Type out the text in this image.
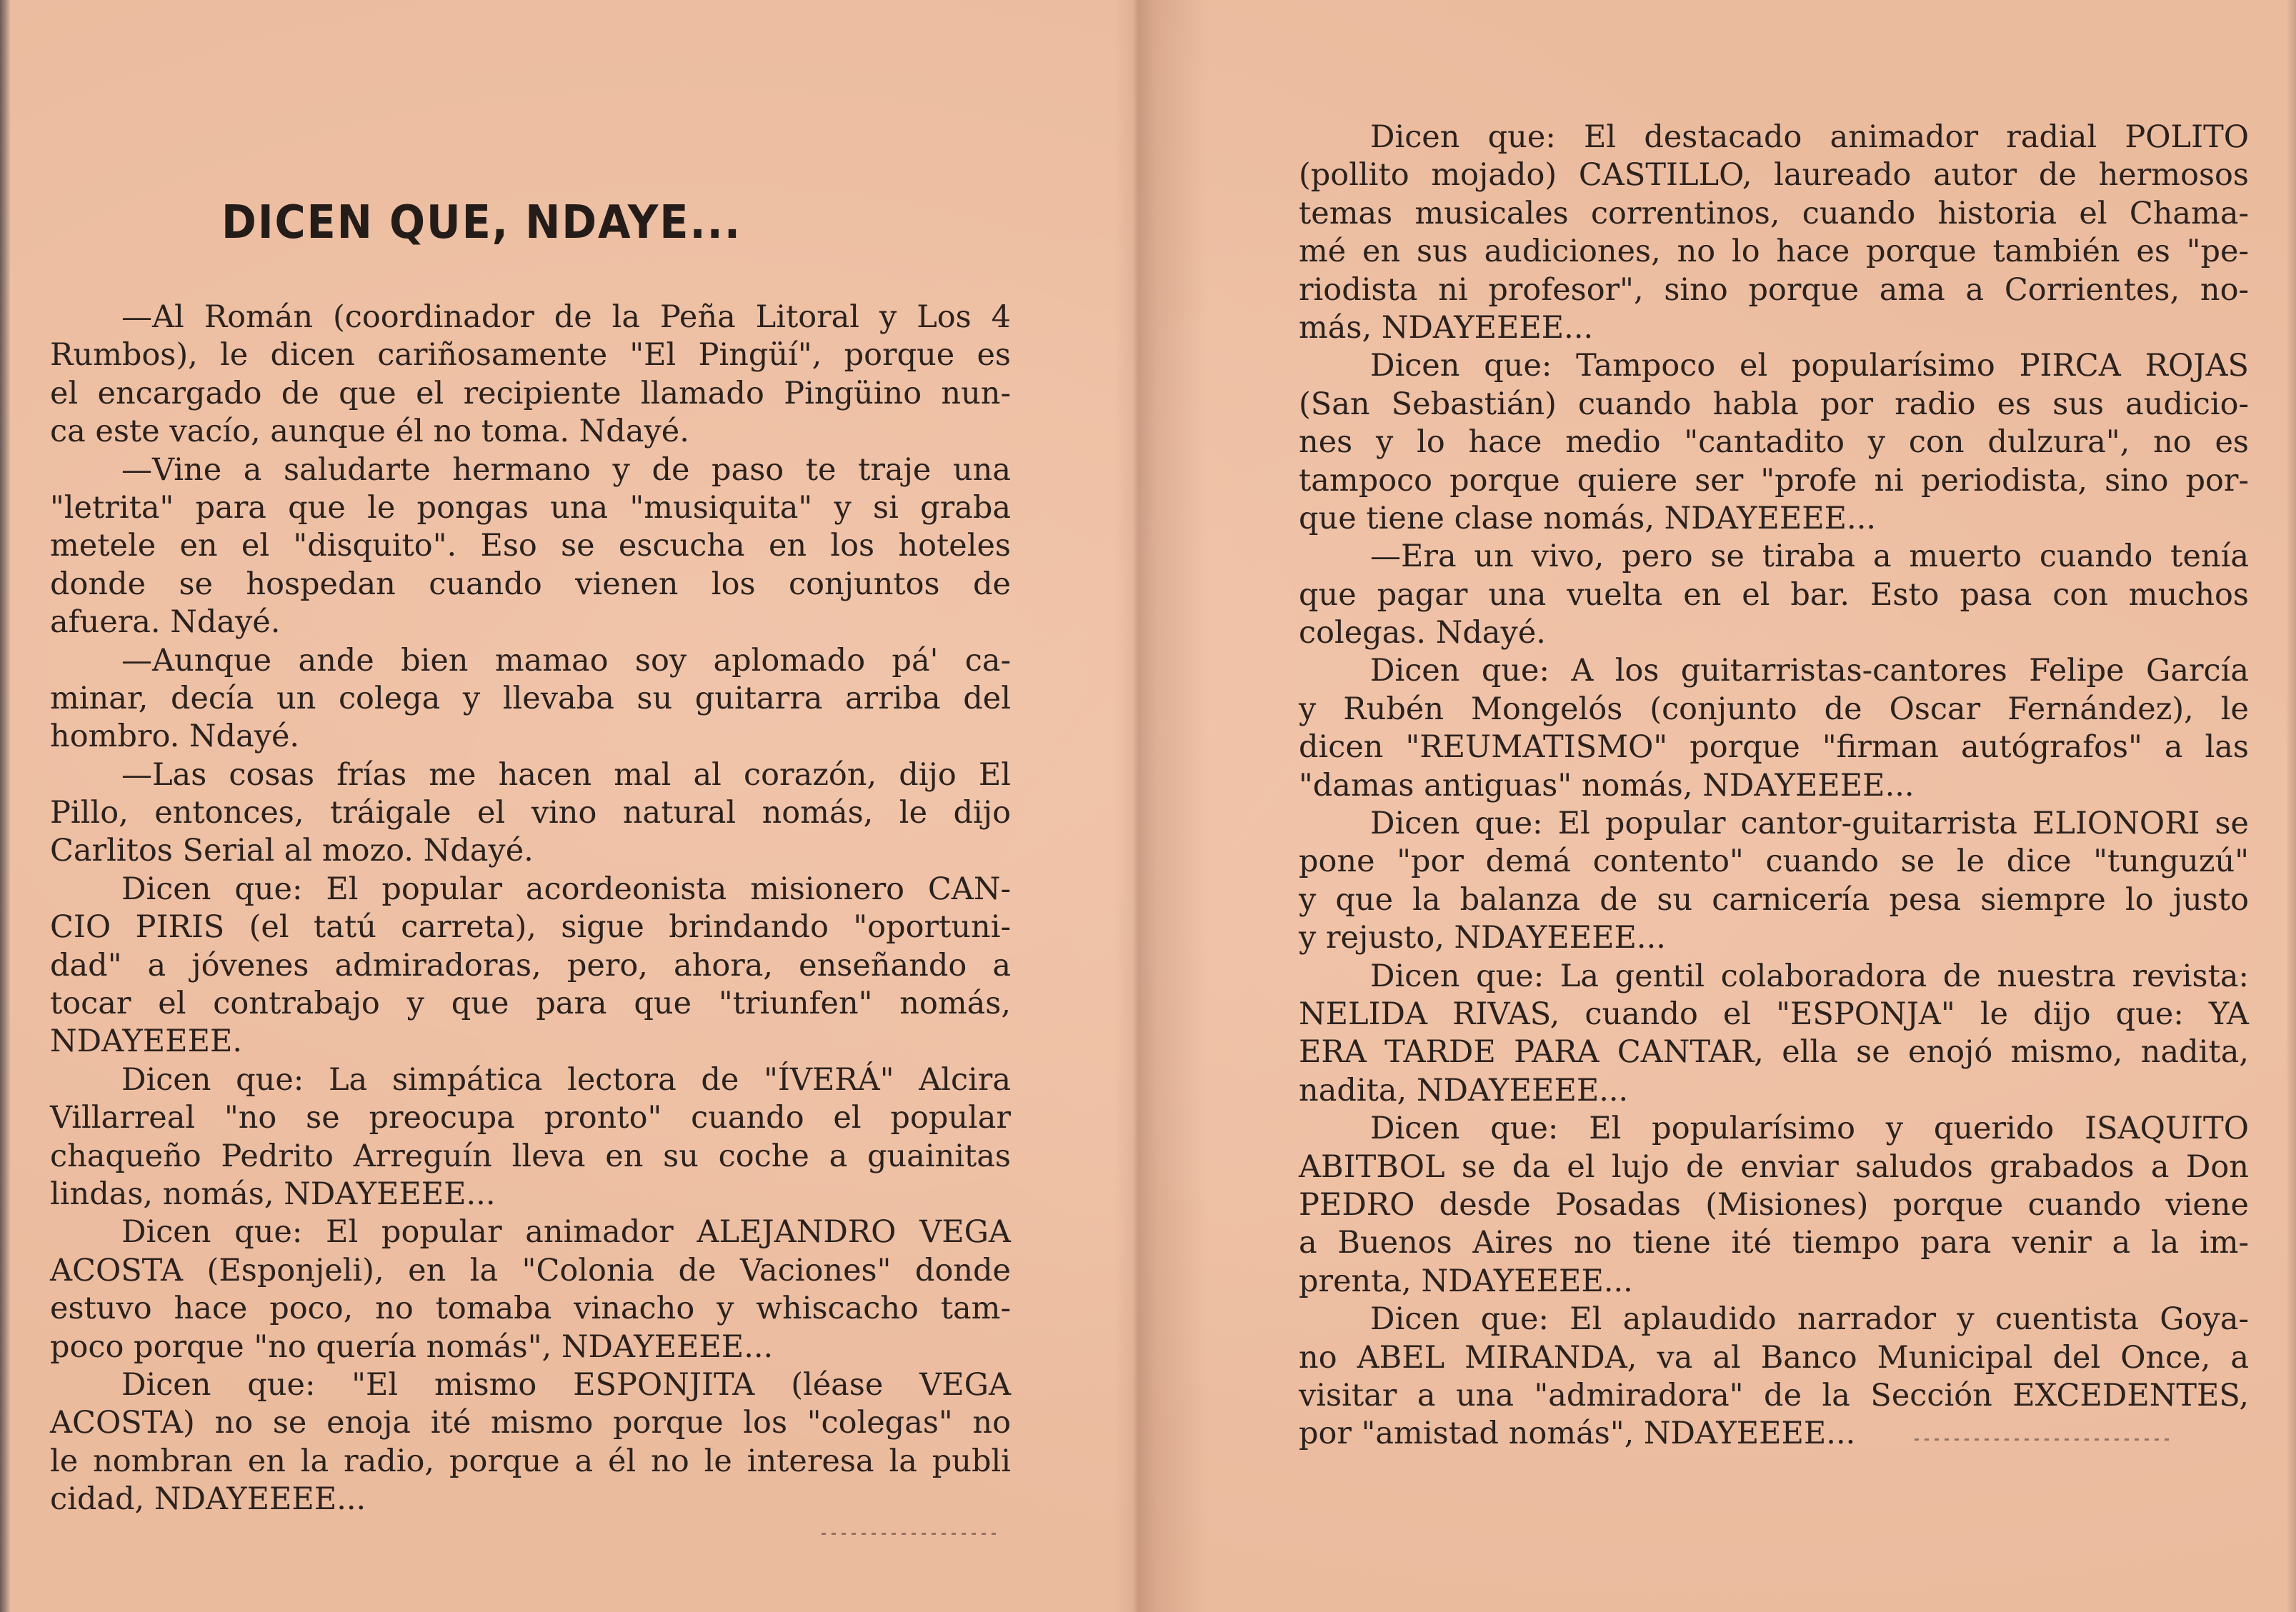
DICEN QUE, NDAYE...
—Al Román (coordinador de la Peña Litoral y Los 4
Rumbos), le dicen cariñosamente "El Pingüí", porque es
el encargado de que el recipiente llamado Pingüino nun-
ca este vacío, aunque él no toma. Ndayé.
—Vine a saludarte hermano y de paso te traje una
"letrita" para que le pongas una "musiquita" y si graba
metele en el "disquito". Eso se escucha en los hoteles
donde se hospedan cuando vienen los conjuntos de
afuera. Ndayé.
—Aunque ande bien mamao soy aplomado pá' ca-
minar, decía un colega y llevaba su guitarra arriba del
hombro. Ndayé.
—Las cosas frías me hacen mal al corazón, dijo El
Pillo, entonces, tráigale el vino natural nomás, le dijo
Carlitos Serial al mozo. Ndayé.
Dicen que: El popular acordeonista misionero CAN-
CIO PIRIS (el tatú carreta), sigue brindando "oportuni-
dad" a jóvenes admiradoras, pero, ahora, enseñando a
tocar el contrabajo y que para que "triunfen" nomás,
NDAYEEEE.
Dicen que: La simpática lectora de "ÍVERÁ" Alcira
Villarreal "no se preocupa pronto" cuando el popular
chaqueño Pedrito Arreguín lleva en su coche a guainitas
lindas, nomás, NDAYEEEE...
Dicen que: El popular animador ALEJANDRO VEGA
ACOSTA (Esponjeli), en la "Colonia de Vaciones" donde
estuvo hace poco, no tomaba vinacho y whiscacho tam-
poco porque "no quería nomás", NDAYEEEE...
Dicen que: "El mismo ESPONJITA (léase VEGA
ACOSTA) no se enoja ité mismo porque los "colegas" no
le nombran en la radio, porque a él no le interesa la publi
cidad, NDAYEEEE...
Dicen que: El destacado animador radial POLITO
(pollito mojado) CASTILLO, laureado autor de hermosos
temas musicales correntinos, cuando historia el Chama-
mé en sus audiciones, no lo hace porque también es "pe-
riodista ni profesor", sino porque ama a Corrientes, no-
más, NDAYEEEE...
Dicen que: Tampoco el popularísimo PIRCA ROJAS
(San Sebastián) cuando habla por radio es sus audicio-
nes y lo hace medio "cantadito y con dulzura", no es
tampoco porque quiere ser "profe ni periodista, sino por-
que tiene clase nomás, NDAYEEEE...
—Era un vivo, pero se tiraba a muerto cuando tenía
que pagar una vuelta en el bar. Esto pasa con muchos
colegas. Ndayé.
Dicen que: A los guitarristas-cantores Felipe García
y Rubén Mongelós (conjunto de Oscar Fernández), le
dicen "REUMATISMO" porque "firman autógrafos" a las
"damas antiguas" nomás, NDAYEEEE...
Dicen que: El popular cantor-guitarrista ELIONORI se
pone "por demá contento" cuando se le dice "tunguzú"
y que la balanza de su carnicería pesa siempre lo justo
y rejusto, NDAYEEEE...
Dicen que: La gentil colaboradora de nuestra revista:
NELIDA RIVAS, cuando el "ESPONJA" le dijo que: YA
ERA TARDE PARA CANTAR, ella se enojó mismo, nadita,
nadita, NDAYEEEE...
Dicen que: El popularísimo y querido ISAQUITO
ABITBOL se da el lujo de enviar saludos grabados a Don
PEDRO desde Posadas (Misiones) porque cuando viene
a Buenos Aires no tiene ité tiempo para venir a la im-
prenta, NDAYEEEE...
Dicen que: El aplaudido narrador y cuentista Goya-
no ABEL MIRANDA, va al Banco Municipal del Once, a
visitar a una "admiradora" de la Sección EXCEDENTES,
por "amistad nomás", NDAYEEEE...
